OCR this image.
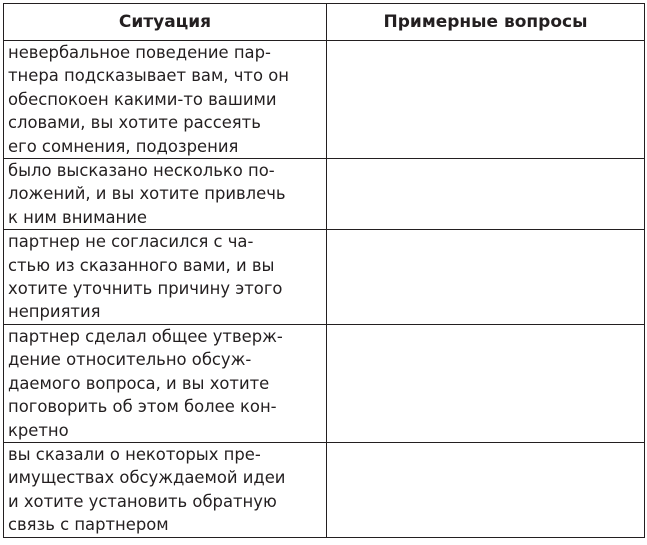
Ситуация	Примерные вопросы

невербальное поведение пар-
тнера подсказывает вам, что он
обеспокоен какими-то вашими
словами, вы хотите рассеять
его сомнения, подозрения	

было высказано несколько по-
ложений, и вы хотите привлечь
к ним внимание	

партнер не согласился с ча-
стью из сказанного вами, и вы
хотите уточнить причину этого
неприятия	

партнер сделал общее утверж-
дение относительно обсуж-
даемого вопроса, и вы хотите
поговорить об этом более кон-
кретно	

вы сказали о некоторых пре-
имуществах обсуждаемой идеи
и хотите установить обратную
связь с партнером	
